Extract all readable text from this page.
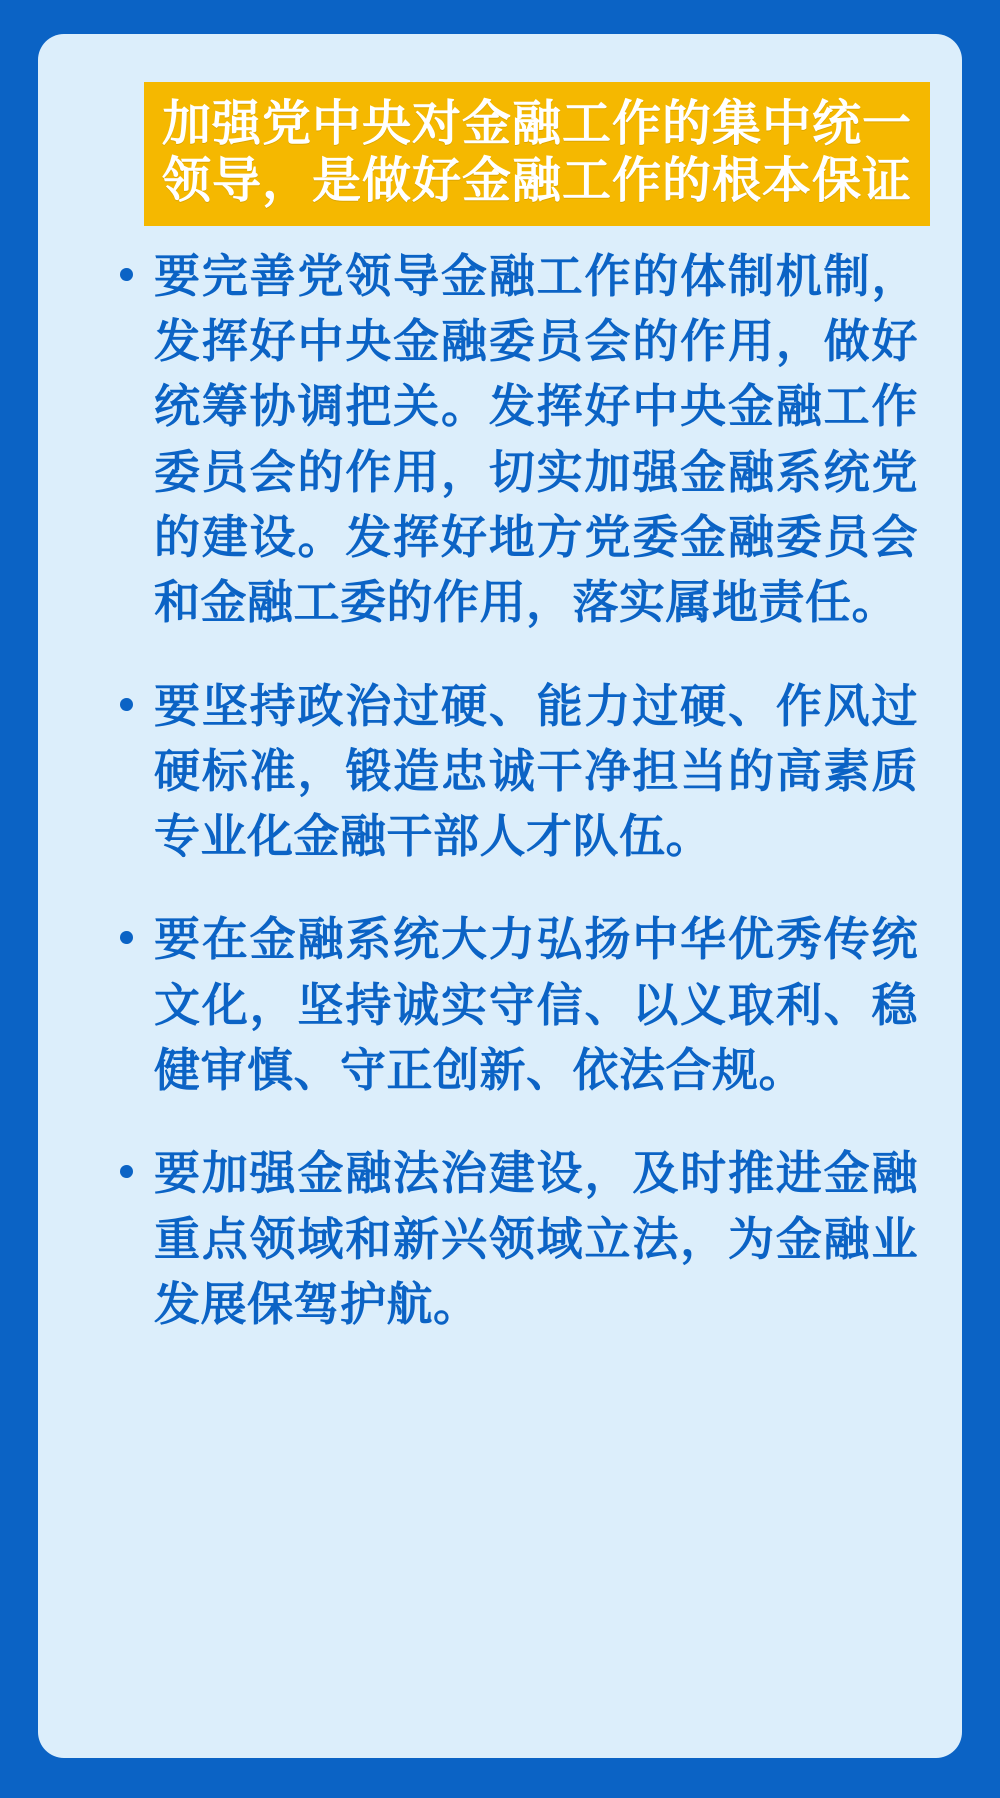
加强党中央对金融工作的集中统一
领导，是做好金融工作的根本保证
要完善党领导金融工作的体制机制，发挥好中央金融委员会的作用，做好统筹协调把关。发挥好中央金融工作委员会的作用，切实加强金融系统党的建设。发挥好地方党委金融委员会和金融工委的作用，落实属地责任。
要坚持政治过硬、能力过硬、作风过硬标准，锻造忠诚干净担当的高素质专业化金融干部人才队伍。
要在金融系统大力弘扬中华优秀传统文化，坚持诚实守信、以义取利、稳健审慎、守正创新、依法合规。
要加强金融法治建设，及时推进金融重点领域和新兴领域立法，为金融业发展保驾护航。
